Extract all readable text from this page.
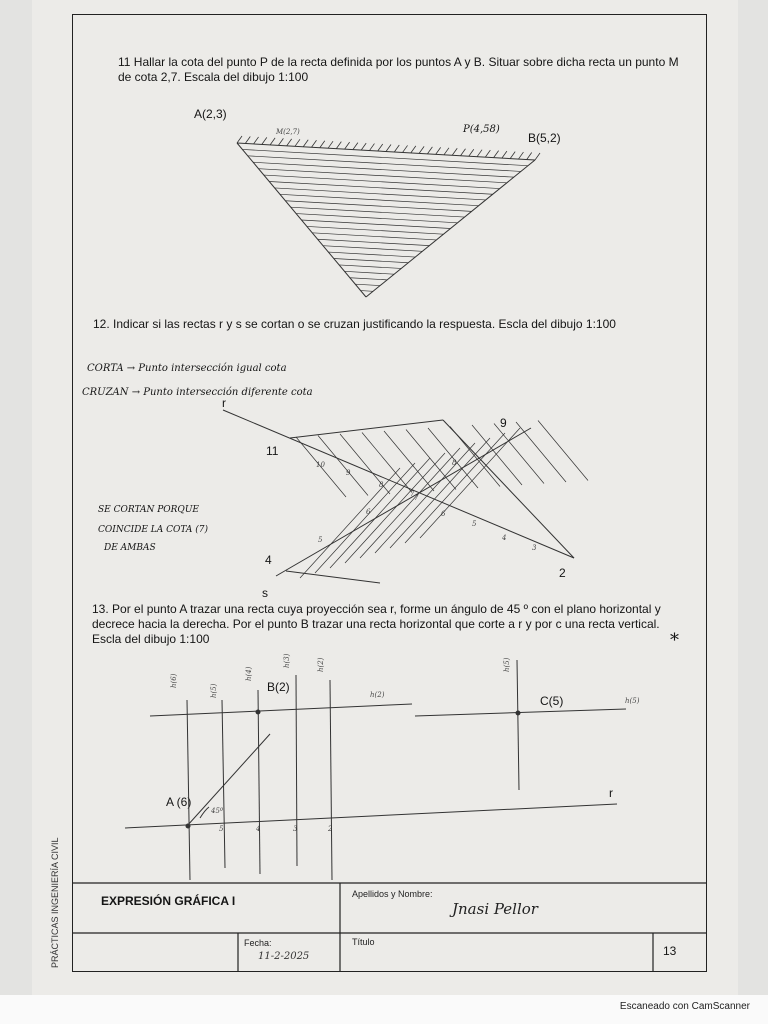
11 Hallar la cota del punto P de la recta definida por los puntos A y B. Situar sobre dicha recta un punto M de cota 2,7. Escala del dibujo 1:100
A(2,3)
B(5,2)
P(4,58)
M(2,7)
12. Indicar si las rectas r y s se cortan o se cruzan justificando la respuesta. Escla del dibujo 1:100
CORTA → Punto intersección igual cota
CRUZAN → Punto intersección diferente cota
SE CORTAN PORQUE
COINCIDE LA COTA (7)
DE AMBAS
r
s
11
9
4
2
10
9
8
7
6
5
4
3
5
6
7
8
13. Por el punto A trazar una recta cuya proyección sea r, forme un ángulo de 45 º con el plano horizontal y decrece hacia la derecha. Por el punto B trazar una recta horizontal que corte a r y por c una recta vertical. Escla del dibujo 1:100	*
A (6)
B(2)
C(5)
r
45º
h(2)
h(5)
h(6)
h(5)
h(4)
h(3)	h(2)	h(5)
5	4	3	2
EXPRESIÓN GRÁFICA I	Apellidos y Nombre:
Jnasi Pellor
Fecha:
11-2-2025
Título
13
PRÁCTICAS INGENIERÍA CIVIL
Escaneado con CamScanner
